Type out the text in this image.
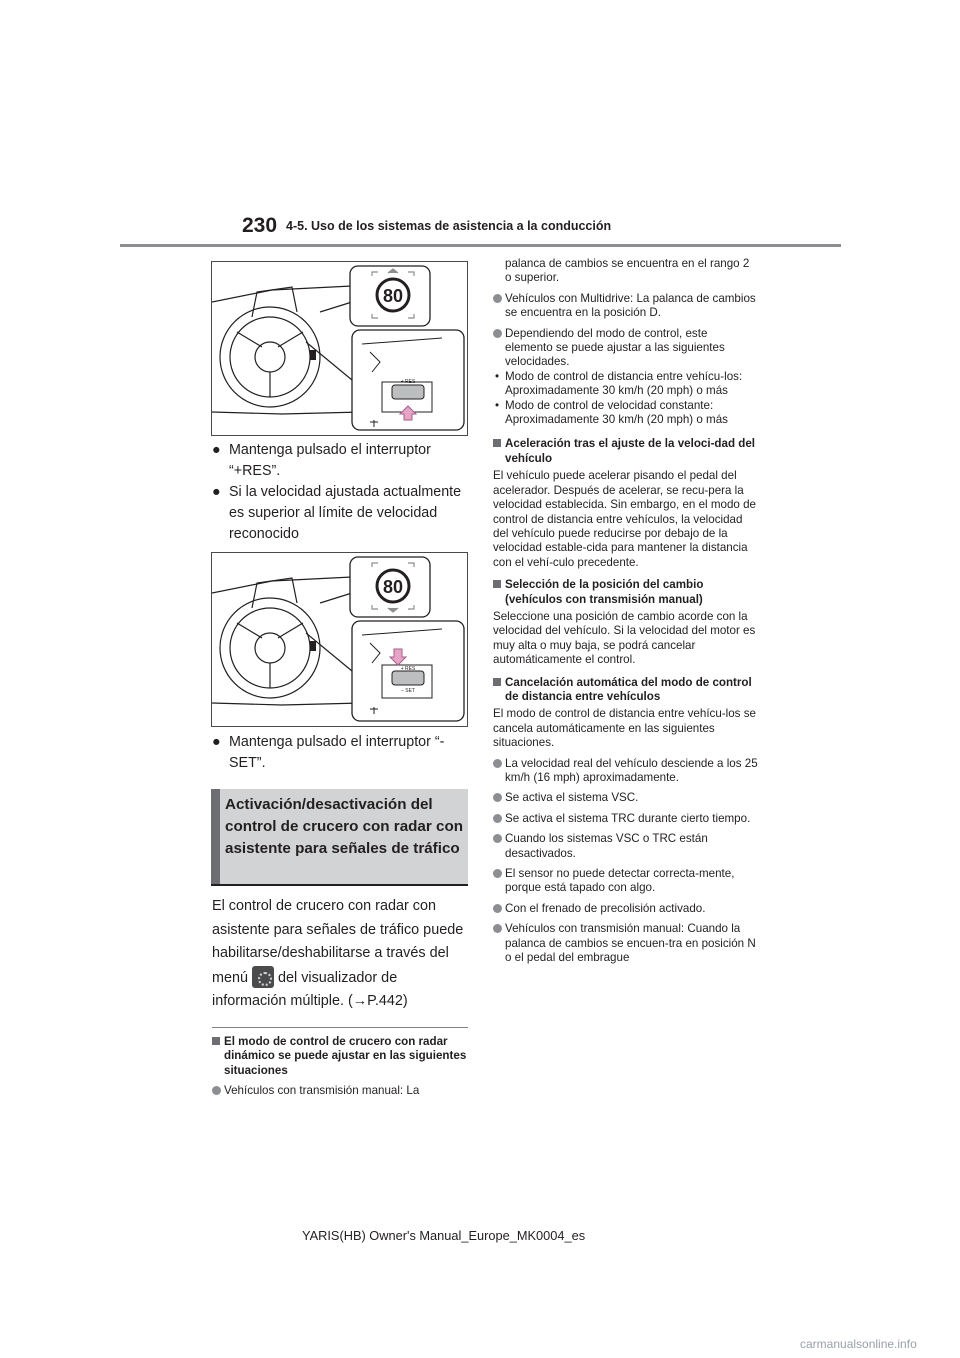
230 4-5. Uso de los sistemas de asistencia a la conducción
80
+ RES
● Mantenga pulsado el interruptor “+RES”.
● Si la velocidad ajustada actualmente es superior al límite de velocidad reconocido
80
+ RES
− SET
● Mantenga pulsado el interruptor “-SET”.
Activación/desactivación del control de crucero con radar con asistente para señales de tráfico
El control de crucero con radar con asistente para señales de tráfico puede habilitarse/deshabilitarse a través del menú del visualizador de información múltiple. (→P.442)
El modo de control de crucero con radar dinámico se puede ajustar en las siguientes situaciones
Vehículos con transmisión manual: La
palanca de cambios se encuentra en el rango 2 o superior.
Vehículos con Multidrive: La palanca de cambios se encuentra en la posición D.
Dependiendo del modo de control, este elemento se puede ajustar a las siguientes velocidades.
• Modo de control de distancia entre vehícu-los: Aproximadamente 30 km/h (20 mph) o más
• Modo de control de velocidad constante: Aproximadamente 30 km/h (20 mph) o más
Aceleración tras el ajuste de la veloci-dad del vehículo
El vehículo puede acelerar pisando el pedal del acelerador. Después de acelerar, se recu-pera la velocidad establecida. Sin embargo, en el modo de control de distancia entre vehículos, la velocidad del vehículo puede reducirse por debajo de la velocidad estable-cida para mantener la distancia con el vehí-culo precedente.
Selección de la posición del cambio (vehículos con transmisión manual)
Seleccione una posición de cambio acorde con la velocidad del vehículo. Si la velocidad del motor es muy alta o muy baja, se podrá cancelar automáticamente el control.
Cancelación automática del modo de control de distancia entre vehículos
El modo de control de distancia entre vehícu-los se cancela automáticamente en las siguientes situaciones.
La velocidad real del vehículo desciende a los 25 km/h (16 mph) aproximadamente.
Se activa el sistema VSC.
Se activa el sistema TRC durante cierto tiempo.
Cuando los sistemas VSC o TRC están desactivados.
El sensor no puede detectar correcta-mente, porque está tapado con algo.
Con el frenado de precolisión activado.
Vehículos con transmisión manual: Cuando la palanca de cambios se encuen-tra en posición N o el pedal del embrague
YARIS(HB) Owner's Manual_Europe_MK0004_es
carmanualsonline.info
